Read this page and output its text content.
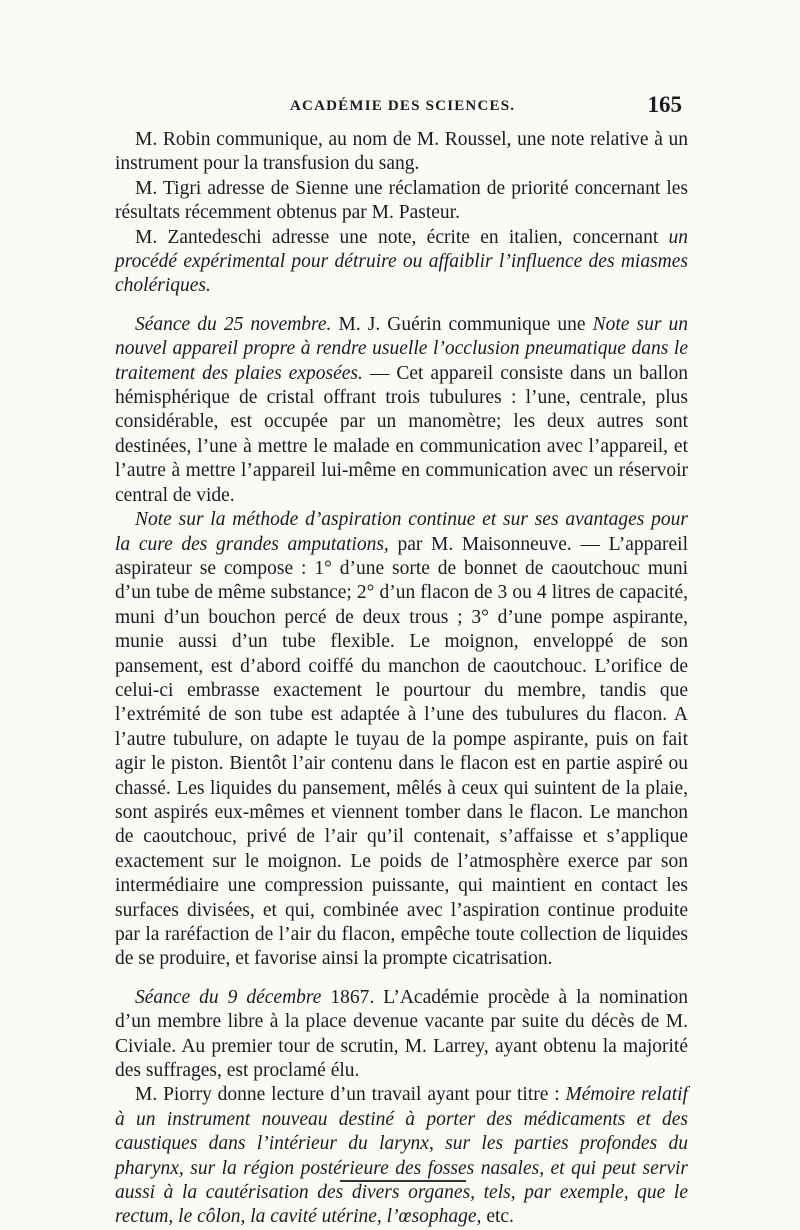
ACADÉMIE DES SCIENCES.	165

M. Robin communique, au nom de M. Roussel, une note relative à un instrument pour la transfusion du sang.

M. Tigri adresse de Sienne une réclamation de priorité concernant les résultats récemment obtenus par M. Pasteur.

M. Zantedeschi adresse une note, écrite en italien, concernant un procédé expérimental pour détruire ou affaiblir l’influence des miasmes cholériques.

Séance du 25 novembre. M. J. Guérin communique une Note sur un nouvel appareil propre à rendre usuelle l’occlusion pneumatique dans le traitement des plaies exposées. — Cet appareil consiste dans un ballon hémisphérique de cristal offrant trois tubulures : l’une, centrale, plus considérable, est occupée par un manomètre; les deux autres sont destinées, l’une à mettre le malade en communication avec l’appareil, et l’autre à mettre l’appareil lui-même en communication avec un réservoir central de vide.

Note sur la méthode d’aspiration continue et sur ses avantages pour la cure des grandes amputations, par M. Maisonneuve. — L’appareil aspirateur se compose : 1° d’une sorte de bonnet de caoutchouc muni d’un tube de même substance; 2° d’un flacon de 3 ou 4 litres de capacité, muni d’un bouchon percé de deux trous ; 3° d’une pompe aspirante, munie aussi d’un tube flexible. Le moignon, enveloppé de son pansement, est d’abord coiffé du manchon de caoutchouc. L’orifice de celui-ci embrasse exactement le pourtour du membre, tandis que l’extrémité de son tube est adaptée à l’une des tubulures du flacon. A l’autre tubulure, on adapte le tuyau de la pompe aspirante, puis on fait agir le piston. Bientôt l’air contenu dans le flacon est en partie aspiré ou chassé. Les liquides du pansement, mêlés à ceux qui suintent de la plaie, sont aspirés eux-mêmes et viennent tomber dans le flacon. Le manchon de caoutchouc, privé de l’air qu’il contenait, s’affaisse et s’applique exactement sur le moignon. Le poids de l’atmosphère exerce par son intermédiaire une compression puissante, qui maintient en contact les surfaces divisées, et qui, combinée avec l’aspiration continue produite par la raréfaction de l’air du flacon, empêche toute collection de liquides de se produire, et favorise ainsi la prompte cicatrisation.

Séance du 9 décembre 1867. L’Académie procède à la nomination d’un membre libre à la place devenue vacante par suite du décès de M. Civiale. Au premier tour de scrutin, M. Larrey, ayant obtenu la majorité des suffrages, est proclamé élu.

M. Piorry donne lecture d’un travail ayant pour titre : Mémoire relatif à un instrument nouveau destiné à porter des médicaments et des caustiques dans l’intérieur du larynx, sur les parties profondes du pharynx, sur la région postérieure des fosses nasales, et qui peut servir aussi à la cautérisation des divers organes, tels, par exemple, que le rectum, le côlon, la cavité utérine, l’œsophage, etc.
